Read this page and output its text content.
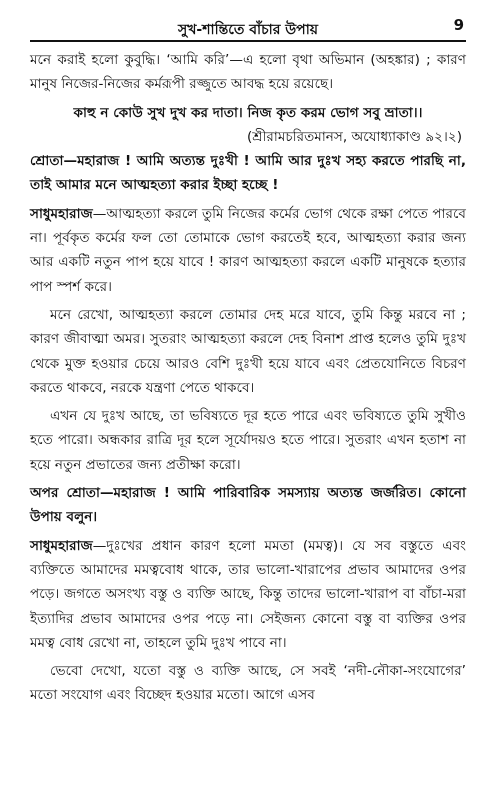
সুখ-শান্তিতে বাঁচার উপায়	9

মনে করাই হলো কুবুদ্ধি। ‘আমি করি’—এ হলো বৃথা অভিমান (অহঙ্কার) ; কারণ মানুষ নিজের-নিজের কর্মরূপী রজ্জুতে আবদ্ধ হয়ে রয়েছে।

কাহু ন কোউ সুখ দুখ কর দাতা। নিজ কৃত করম ভোগ সবু ভ্রাতা।।

(শ্রীরামচরিতমানস, অযোধ্যাকাণ্ড ৯২।২)

শ্রোতা—মহারাজ ! আমি অত্যন্ত দুঃখী ! আমি আর দুঃখ সহ্য করতে পারছি না, তাই আমার মনে আত্মহত্যা করার ইচ্ছা হচ্ছে !

সাধুমহারাজ—আত্মহত্যা করলে তুমি নিজের কর্মের ভোগ থেকে রক্ষা পেতে পারবে না। পূর্বকৃত কর্মের ফল তো তোমাকে ভোগ করতেই হবে, আত্মহত্যা করার জন্য আর একটি নতুন পাপ হয়ে যাবে ! কারণ আত্মহত্যা করলে একটি মানুষকে হত্যার পাপ স্পর্শ করে।

মনে রেখো, আত্মহত্যা করলে তোমার দেহ মরে যাবে, তুমি কিন্তু মরবে না ; কারণ জীবাত্মা অমর। সুতরাং আত্মহত্যা করলে দেহ বিনাশ প্রাপ্ত হলেও তুমি দুঃখ থেকে মুক্ত হওয়ার চেয়ে আরও বেশি দুঃখী হয়ে যাবে এবং প্রেতযোনিতে বিচরণ করতে থাকবে, নরকে যন্ত্রণা পেতে থাকবে।

এখন যে দুঃখ আছে, তা ভবিষ্যতে দূর হতে পারে এবং ভবিষ্যতে তুমি সুখীও হতে পারো। অন্ধকার রাত্রি দূর হলে সূর্যোদয়ও হতে পারে। সুতরাং এখন হতাশ না হয়ে নতুন প্রভাতের জন্য প্রতীক্ষা করো।

অপর শ্রোতা—মহারাজ ! আমি পারিবারিক সমস্যায় অত্যন্ত জর্জরিত। কোনো উপায় বলুন।

সাধুমহারাজ—দুঃখের প্রধান কারণ হলো মমতা (মমত্ব)। যে সব বস্তুতে এবং ব্যক্তিতে আমাদের মমত্ববোধ থাকে, তার ভালো-খারাপের প্রভাব আমাদের ওপর পড়ে। জগতে অসংখ্য বস্তু ও ব্যক্তি আছে, কিন্তু তাদের ভালো-খারাপ বা বাঁচা-মরা ইত্যাদির প্রভাব আমাদের ওপর পড়ে না। সেইজন্য কোনো বস্তু বা ব্যক্তির ওপর মমত্ব বোধ রেখো না, তাহলে তুমি দুঃখ পাবে না।

ভেবো দেখো, যতো বস্তু ও ব্যক্তি আছে, সে সবই ‘নদী-নৌকা-সংযোগের’ মতো সংযোগ এবং বিচ্ছেদ হওয়ার মতো। আগে এসব
